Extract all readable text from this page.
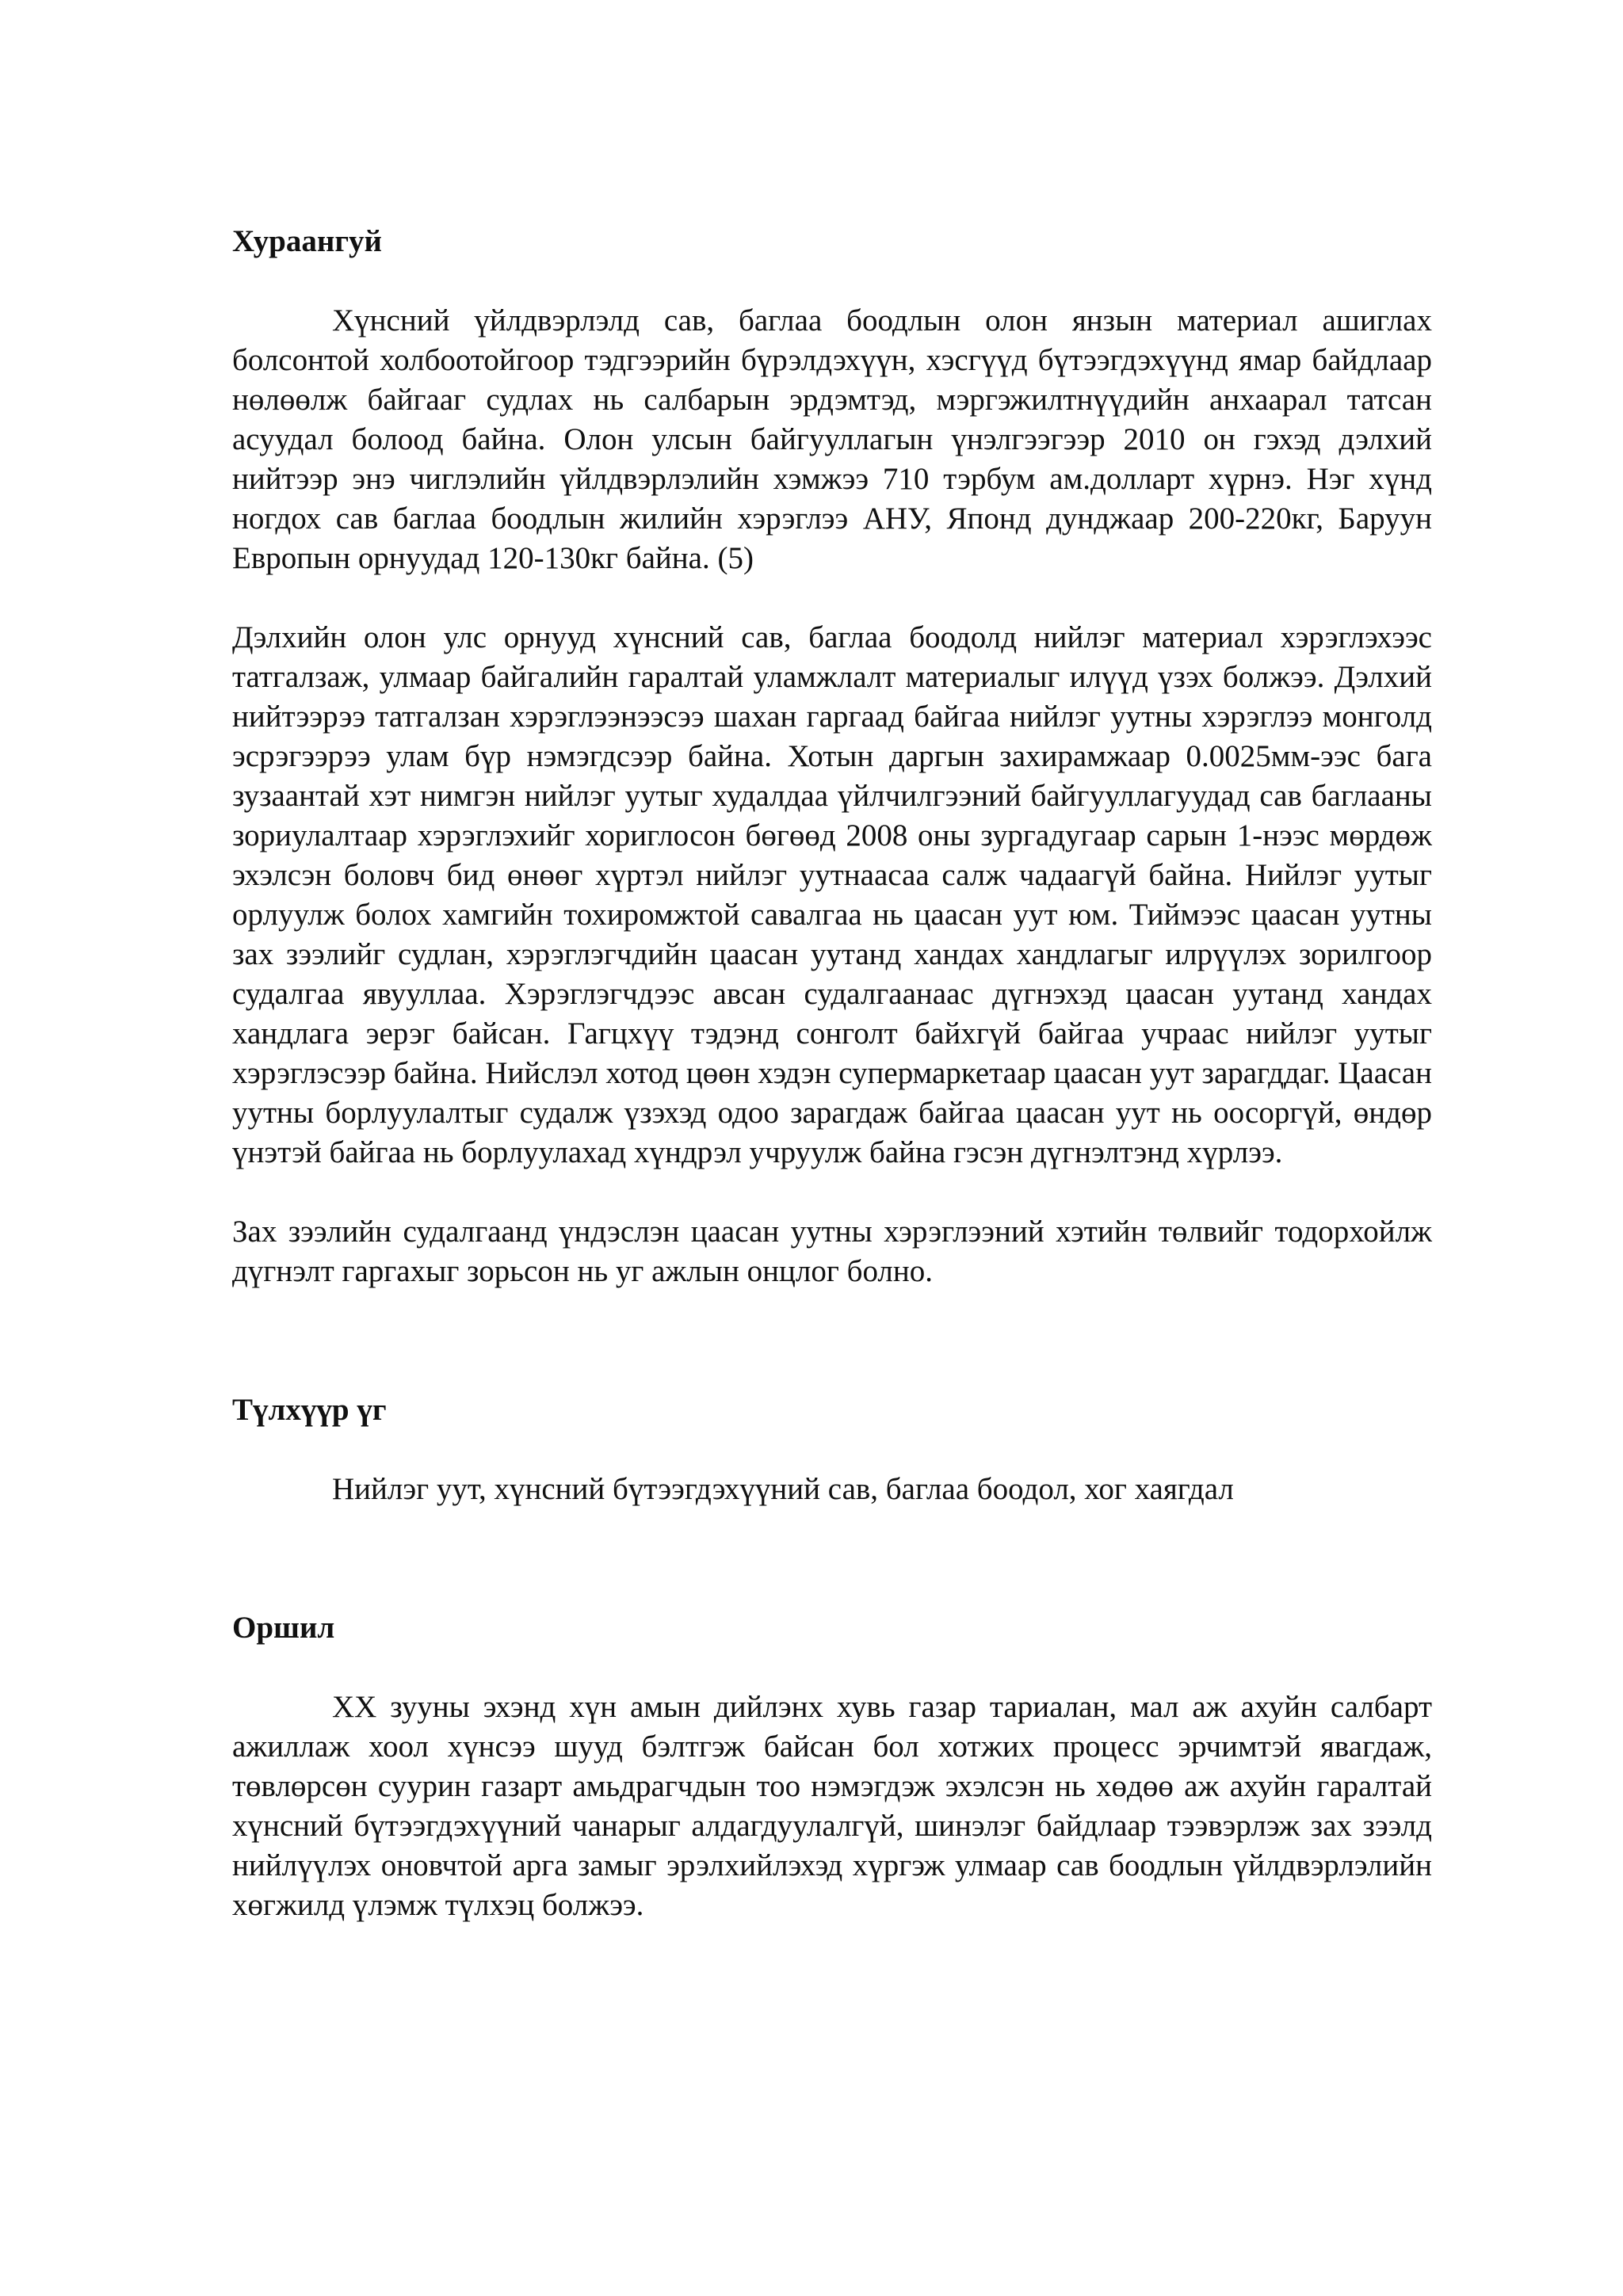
Хураангуй

Хүнсний үйлдвэрлэлд сав, баглаа боодлын олон янзын материал ашиглах болсонтой холбоотойгоор тэдгээрийн бүрэлдэхүүн, хэсгүүд бүтээгдэхүүнд ямар байдлаар нөлөөлж байгааг судлах нь салбарын эрдэмтэд, мэргэжилтнүүдийн анхаарал татсан асуудал болоод байна. Олон улсын байгууллагын үнэлгээгээр 2010 он гэхэд дэлхий нийтээр энэ чиглэлийн үйлдвэрлэлийн хэмжээ 710 тэрбум ам.долларт хүрнэ. Нэг хүнд ногдох сав баглаа боодлын жилийн хэрэглээ АНУ, Японд дунджаар 200-220кг, Баруун Европын орнуудад 120-130кг байна. (5)

Дэлхийн олон улс орнууд хүнсний сав, баглаа боодолд нийлэг материал хэрэглэхээс татгалзаж, улмаар байгалийн гаралтай уламжлалт материалыг илүүд үзэх болжээ. Дэлхий нийтээрээ татгалзан хэрэглээнээсээ шахан гаргаад байгаа нийлэг уутны хэрэглээ монголд эсрэгээрээ улам бүр нэмэгдсээр байна. Хотын даргын захирамжаар 0.0025мм-ээс бага зузаантай хэт нимгэн нийлэг уутыг худалдаа үйлчилгээний байгууллагуудад сав баглааны зориулалтаар хэрэглэхийг хориглосон бөгөөд 2008 оны зургадугаар сарын 1-нээс мөрдөж эхэлсэн боловч бид өнөөг хүртэл нийлэг уутнаасаа салж чадаагүй байна. Нийлэг уутыг орлуулж болох хамгийн тохиромжтой савалгаа нь цаасан уут юм. Тиймээс цаасан уутны зах зээлийг судлан, хэрэглэгчдийн цаасан уутанд хандах хандлагыг илрүүлэх зорилгоор судалгаа явууллаа. Хэрэглэгчдээс авсан судалгаанаас дүгнэхэд цаасан уутанд хандах хандлага эерэг байсан. Гагцхүү тэдэнд сонголт байхгүй байгаа учраас нийлэг уутыг хэрэглэсээр байна. Нийслэл хотод цөөн хэдэн супермаркетаар цаасан уут зарагддаг. Цаасан уутны борлуулалтыг судалж үзэхэд одоо зарагдаж байгаа цаасан уут нь оосоргүй, өндөр үнэтэй байгаа нь борлуулахад хүндрэл учруулж байна гэсэн дүгнэлтэнд хүрлээ.

Зах зээлийн судалгаанд үндэслэн цаасан уутны хэрэглээний хэтийн төлвийг тодорхойлж дүгнэлт гаргахыг зорьсон нь уг ажлын онцлог болно.

Түлхүүр үг

Нийлэг уут, хүнсний бүтээгдэхүүний сав, баглаа боодол, хог хаягдал

Оршил

XX зууны эхэнд хүн амын дийлэнх хувь газар тариалан, мал аж ахуйн салбарт ажиллаж хоол хүнсээ шууд бэлтгэж байсан бол хотжих процесс эрчимтэй явагдаж, төвлөрсөн суурин газарт амьдрагчдын тоо нэмэгдэж эхэлсэн нь хөдөө аж ахуйн гаралтай хүнсний бүтээгдэхүүний чанарыг алдагдуулалгүй, шинэлэг байдлаар тээвэрлэж зах зээлд нийлүүлэх оновчтой арга замыг эрэлхийлэхэд хүргэж улмаар сав боодлын үйлдвэрлэлийн хөгжилд үлэмж түлхэц болжээ.
